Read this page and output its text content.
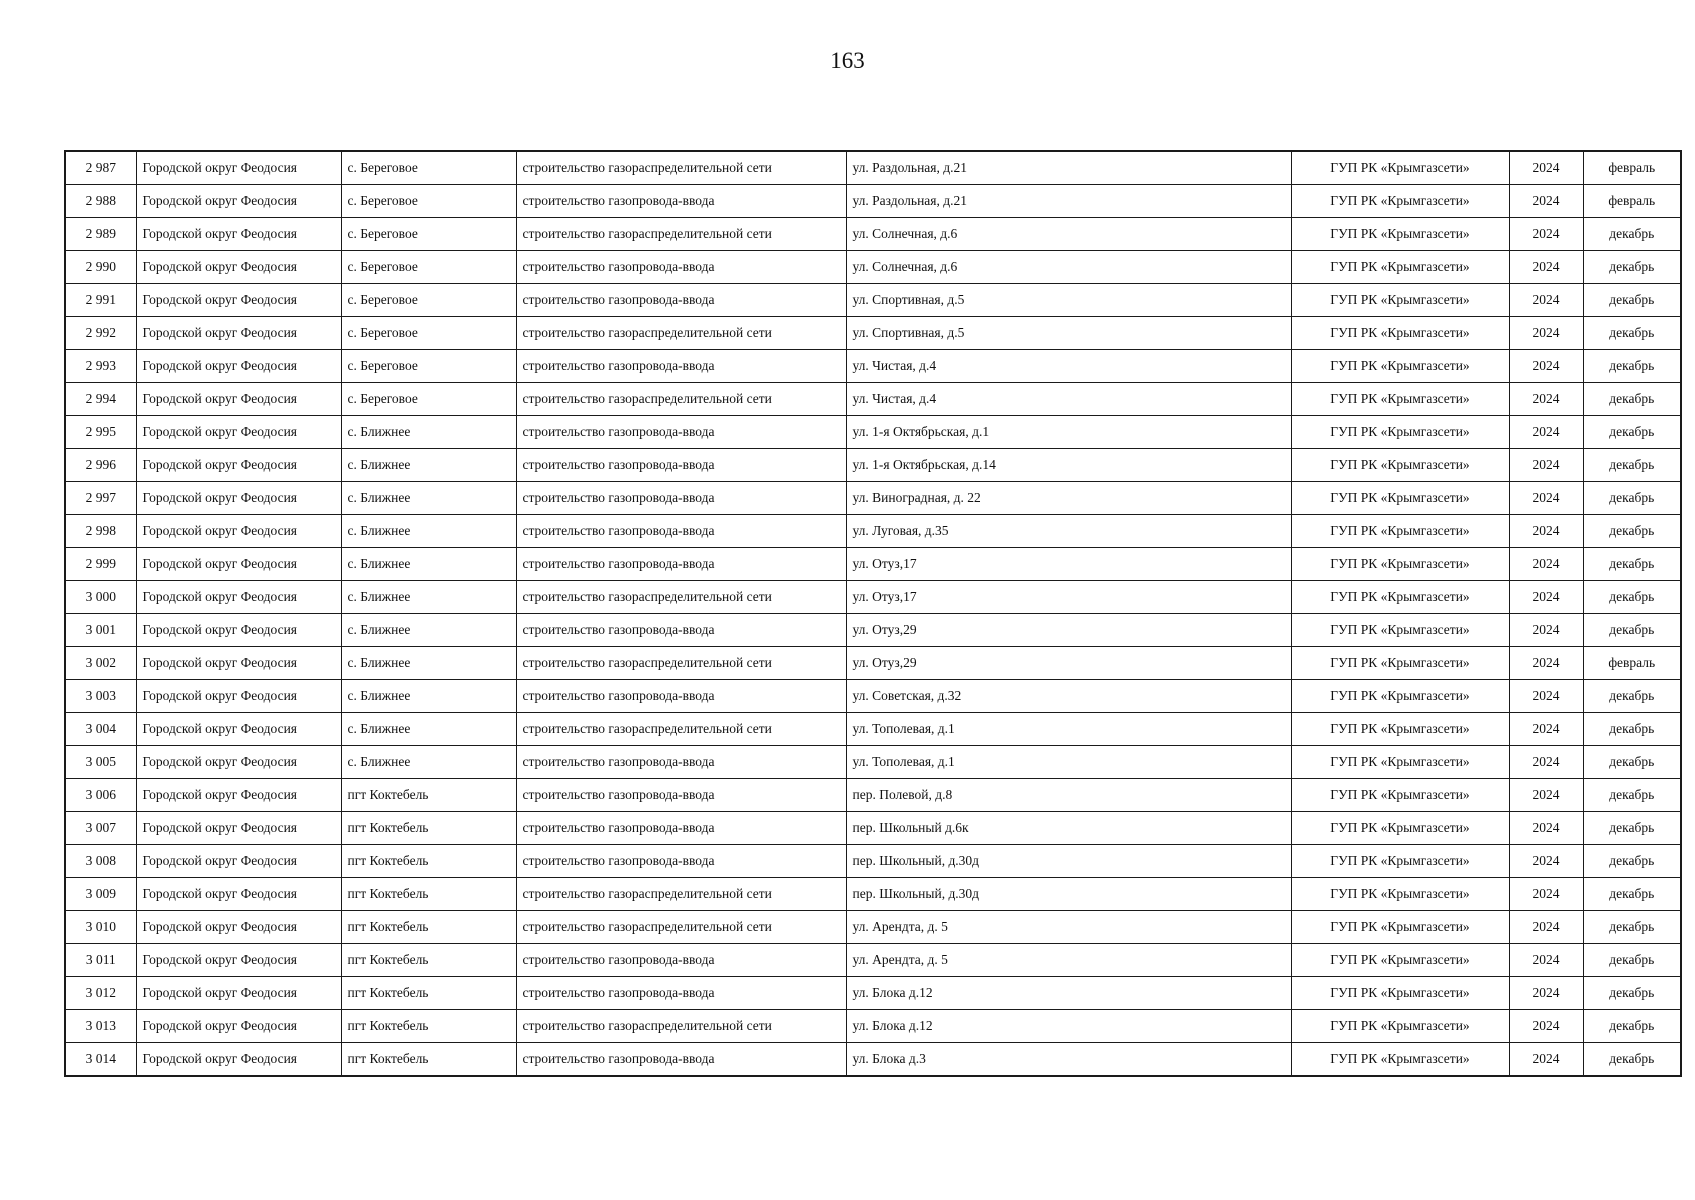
163
2 987	Городской округ Феодосия	с. Береговое	строительство газораспределительной сети	ул. Раздольная, д.21	ГУП РК «Крымгазсети»	2024	февраль
2 988	Городской округ Феодосия	с. Береговое	строительство газопровода-ввода	ул. Раздольная, д.21	ГУП РК «Крымгазсети»	2024	февраль
2 989	Городской округ Феодосия	с. Береговое	строительство газораспределительной сети	ул. Солнечная, д.6	ГУП РК «Крымгазсети»	2024	декабрь
2 990	Городской округ Феодосия	с. Береговое	строительство газопровода-ввода	ул. Солнечная, д.6	ГУП РК «Крымгазсети»	2024	декабрь
2 991	Городской округ Феодосия	с. Береговое	строительство газопровода-ввода	ул. Спортивная, д.5	ГУП РК «Крымгазсети»	2024	декабрь
2 992	Городской округ Феодосия	с. Береговое	строительство газораспределительной сети	ул. Спортивная, д.5	ГУП РК «Крымгазсети»	2024	декабрь
2 993	Городской округ Феодосия	с. Береговое	строительство газопровода-ввода	ул. Чистая, д.4	ГУП РК «Крымгазсети»	2024	декабрь
2 994	Городской округ Феодосия	с. Береговое	строительство газораспределительной сети	ул. Чистая, д.4	ГУП РК «Крымгазсети»	2024	декабрь
2 995	Городской округ Феодосия	с. Ближнее	строительство газопровода-ввода	ул. 1-я Октябрьская, д.1	ГУП РК «Крымгазсети»	2024	декабрь
2 996	Городской округ Феодосия	с. Ближнее	строительство газопровода-ввода	ул. 1-я Октябрьская, д.14	ГУП РК «Крымгазсети»	2024	декабрь
2 997	Городской округ Феодосия	с. Ближнее	строительство газопровода-ввода	ул. Виноградная, д. 22	ГУП РК «Крымгазсети»	2024	декабрь
2 998	Городской округ Феодосия	с. Ближнее	строительство газопровода-ввода	ул. Луговая, д.35	ГУП РК «Крымгазсети»	2024	декабрь
2 999	Городской округ Феодосия	с. Ближнее	строительство газопровода-ввода	ул. Отуз,17	ГУП РК «Крымгазсети»	2024	декабрь
3 000	Городской округ Феодосия	с. Ближнее	строительство газораспределительной сети	ул. Отуз,17	ГУП РК «Крымгазсети»	2024	декабрь
3 001	Городской округ Феодосия	с. Ближнее	строительство газопровода-ввода	ул. Отуз,29	ГУП РК «Крымгазсети»	2024	декабрь
3 002	Городской округ Феодосия	с. Ближнее	строительство газораспределительной сети	ул. Отуз,29	ГУП РК «Крымгазсети»	2024	февраль
3 003	Городской округ Феодосия	с. Ближнее	строительство газопровода-ввода	ул. Советская, д.32	ГУП РК «Крымгазсети»	2024	декабрь
3 004	Городской округ Феодосия	с. Ближнее	строительство газораспределительной сети	ул. Тополевая, д.1	ГУП РК «Крымгазсети»	2024	декабрь
3 005	Городской округ Феодосия	с. Ближнее	строительство газопровода-ввода	ул. Тополевая, д.1	ГУП РК «Крымгазсети»	2024	декабрь
3 006	Городской округ Феодосия	пгт Коктебель	строительство газопровода-ввода	пер. Полевой, д.8	ГУП РК «Крымгазсети»	2024	декабрь
3 007	Городской округ Феодосия	пгт Коктебель	строительство газопровода-ввода	пер. Школьный д.6к	ГУП РК «Крымгазсети»	2024	декабрь
3 008	Городской округ Феодосия	пгт Коктебель	строительство газопровода-ввода	пер. Школьный, д.30д	ГУП РК «Крымгазсети»	2024	декабрь
3 009	Городской округ Феодосия	пгт Коктебель	строительство газораспределительной сети	пер. Школьный, д.30д	ГУП РК «Крымгазсети»	2024	декабрь
3 010	Городской округ Феодосия	пгт Коктебель	строительство газораспределительной сети	ул. Арендта, д. 5	ГУП РК «Крымгазсети»	2024	декабрь
3 011	Городской округ Феодосия	пгт Коктебель	строительство газопровода-ввода	ул. Арендта, д. 5	ГУП РК «Крымгазсети»	2024	декабрь
3 012	Городской округ Феодосия	пгт Коктебель	строительство газопровода-ввода	ул. Блока д.12	ГУП РК «Крымгазсети»	2024	декабрь
3 013	Городской округ Феодосия	пгт Коктебель	строительство газораспределительной сети	ул. Блока д.12	ГУП РК «Крымгазсети»	2024	декабрь
3 014	Городской округ Феодосия	пгт Коктебель	строительство газопровода-ввода	ул. Блока д.3	ГУП РК «Крымгазсети»	2024	декабрь
